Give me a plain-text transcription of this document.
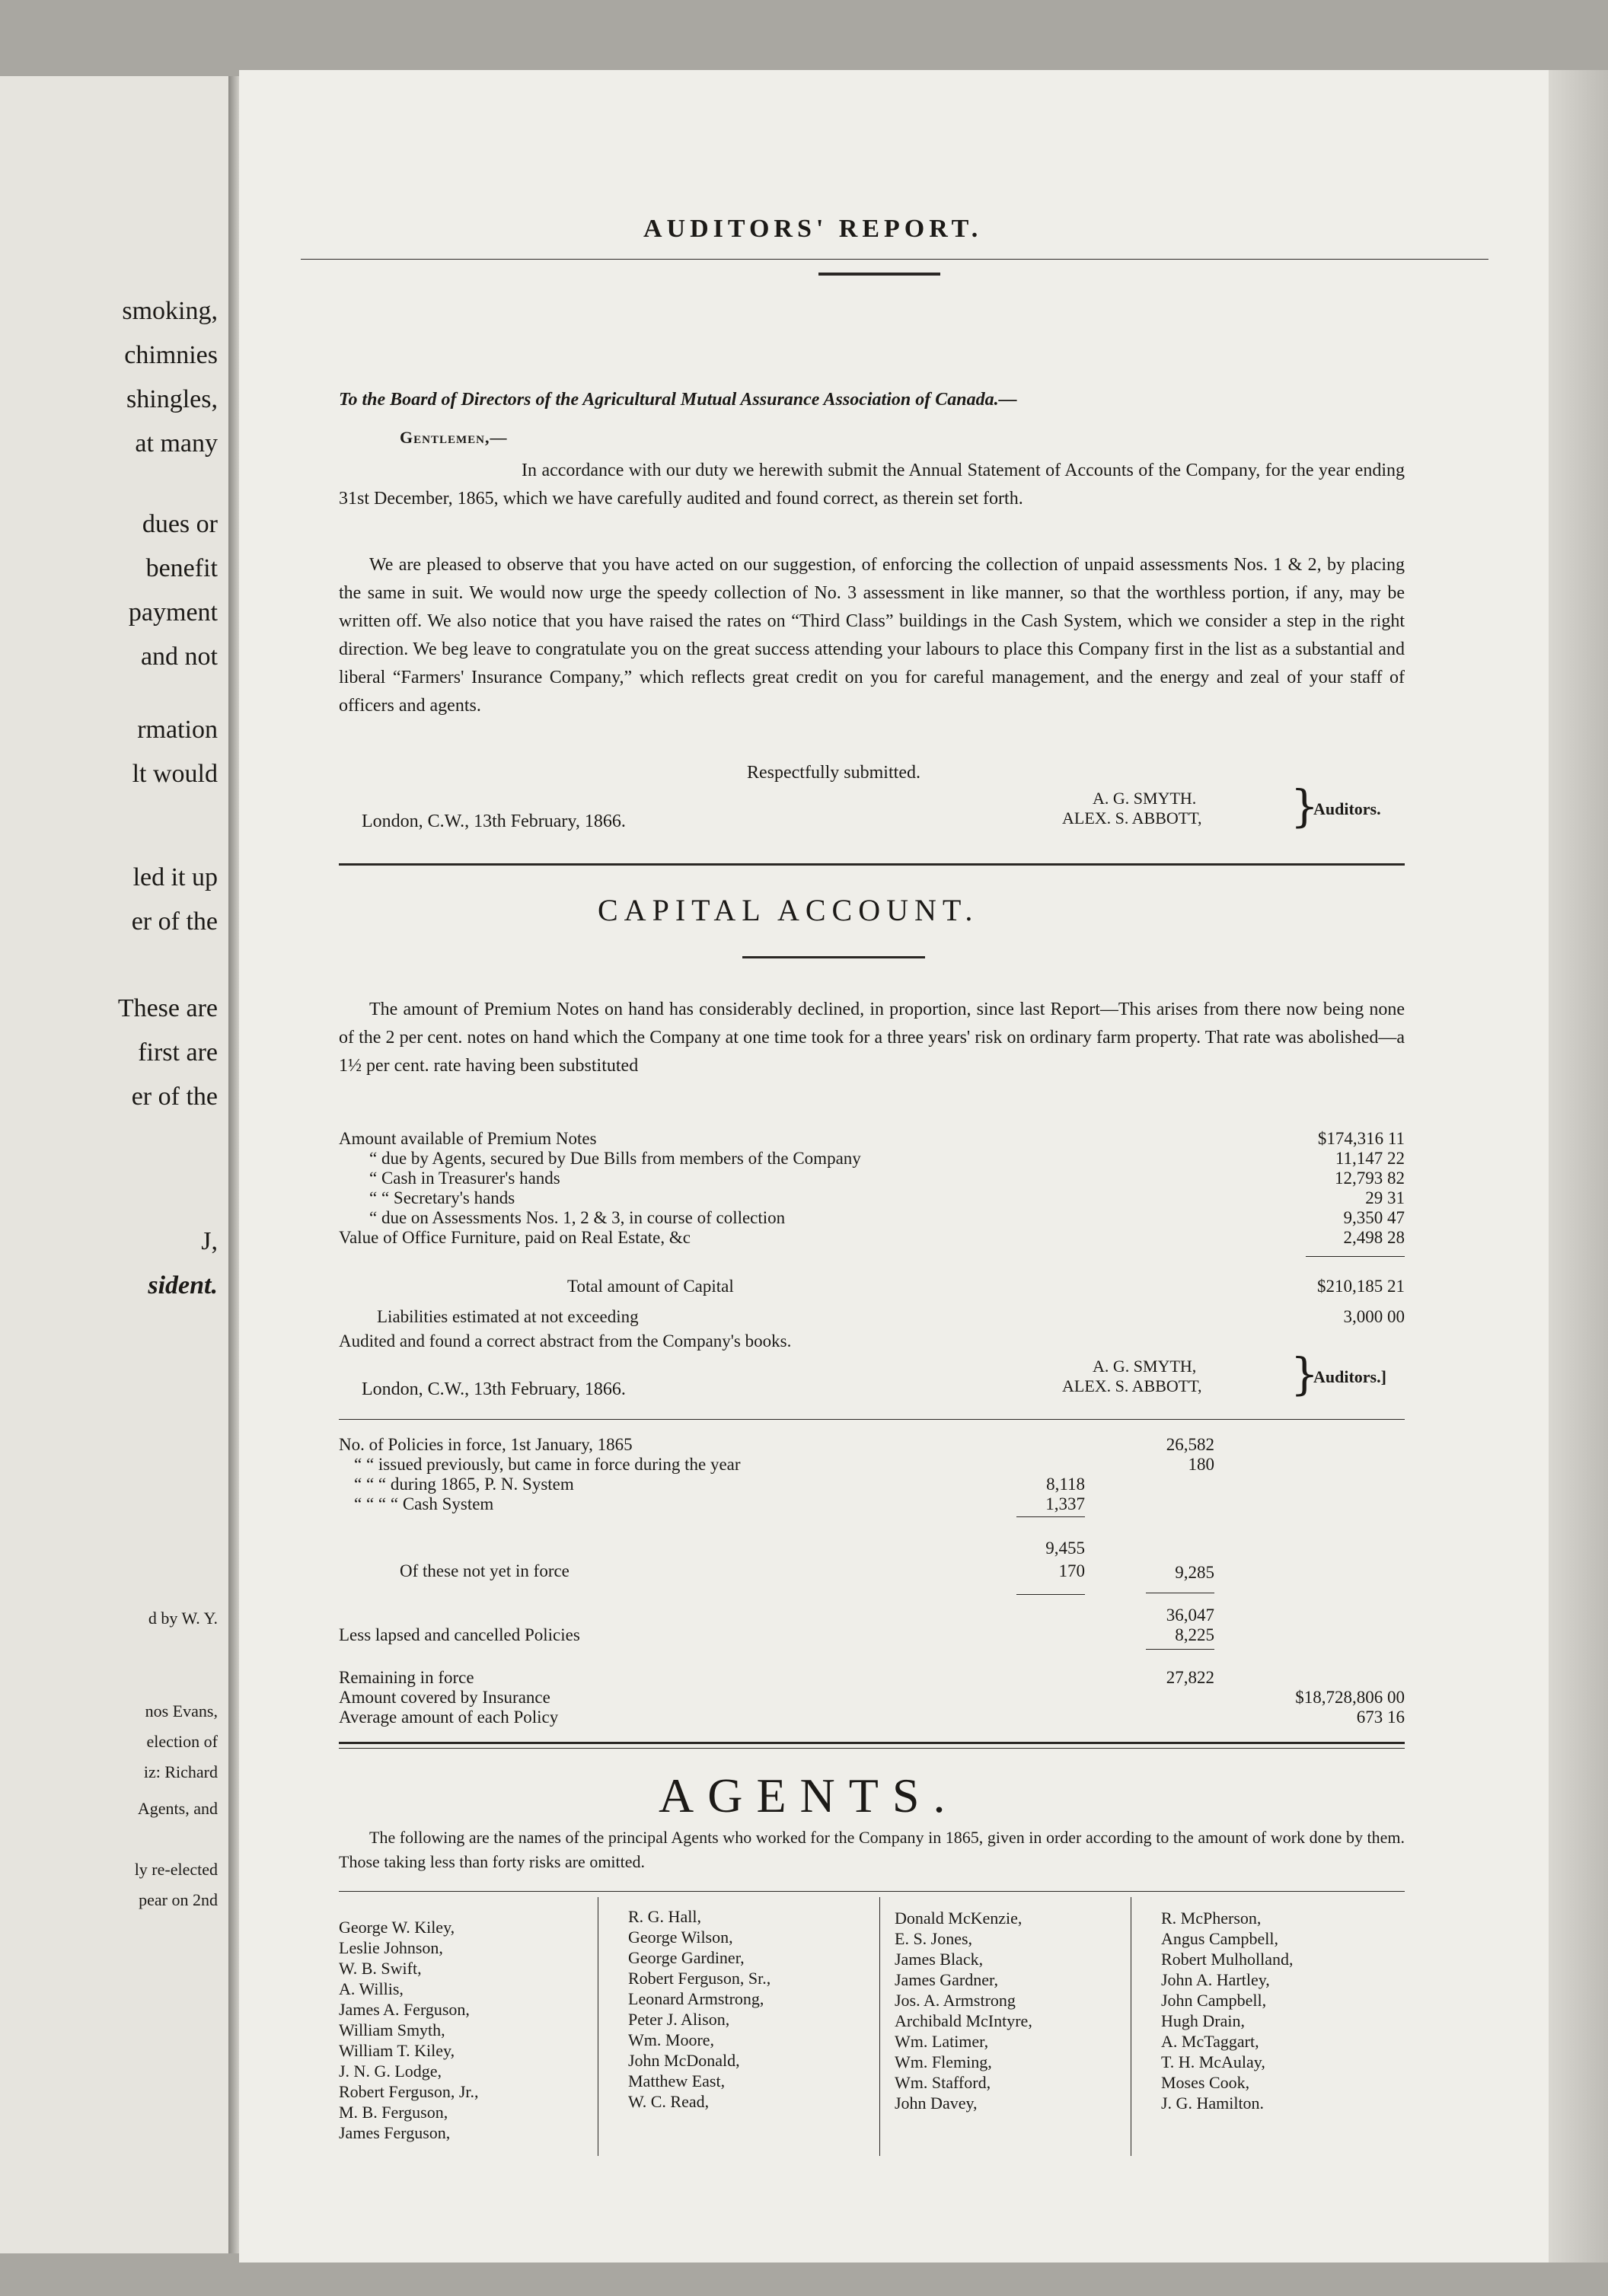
smoking,
chimnies
shingles,
at many
dues or
benefit
payment
and not
rmation
lt would
led it up
er of the
These are
first are
er of the
J,
sident.
d by W. Y.
nos Evans,
election of
iz: Richard
Agents, and
ly re-elected
pear on 2nd
AUDITORS' REPORT.
To the Board of Directors of the Agricultural Mutual Assurance Association of Canada.—
Gentlemen,—
In accordance with our duty we herewith submit the Annual Statement of Accounts of the Company, for the year ending 31st December, 1865, which we have carefully audited and found correct, as therein set forth.
We are pleased to observe that you have acted on our suggestion, of enforcing the collection of unpaid assessments Nos. 1 & 2, by placing the same in suit. We would now urge the speedy collection of No. 3 assessment in like manner, so that the worthless portion, if any, may be written off. We also notice that you have raised the rates on “Third Class” buildings in the Cash System, which we consider a step in the right direction. We beg leave to congratulate you on the great success attending your labours to place this Company first in the list as a substantial and liberal “Farmers' Insurance Company,” which reflects great credit on you for careful management, and the energy and zeal of your staff of officers and agents.
Respectfully submitted.
London, C.W., 13th February, 1866.
A. G. SMYTH.
ALEX. S. ABBOTT, }
Auditors.
CAPITAL ACCOUNT.
The amount of Premium Notes on hand has considerably declined, in proportion, since last Report—This arises from there now being none of the 2 per cent. notes on hand which the Company at one time took for a three years' risk on ordinary farm property. That rate was abolished—a 1½ per cent. rate having been substituted
Amount available of Premium Notes	$174,316 11
“ due by Agents, secured by Due Bills from members of the Company	11,147 22
“ Cash in Treasurer's hands	12,793 82
“ “ Secretary's hands	29 31
“ due on Assessments Nos. 1, 2 & 3, in course of collection	9,350 47
Value of Office Furniture, paid on Real Estate, &c	2,498 28
Total amount of Capital	$210,185 21
Liabilities estimated at not exceeding	3,000 00
Audited and found a correct abstract from the Company's books.
London, C.W., 13th February, 1866.
A. G. SMYTH,
ALEX. S. ABBOTT, }
Auditors.]
No. of Policies in force, 1st January, 1865	26,582
“ “ issued previously, but came in force during the year	180
“ “ “ during 1865, P. N. System	8,118
“ “ “ “ Cash System	1,337
9,455
Of these not yet in force	170	9,285
36,047
Less lapsed and cancelled Policies	8,225
Remaining in force	27,822
Amount covered by Insurance	$18,728,806 00
Average amount of each Policy	673 16
AGENTS.
The following are the names of the principal Agents who worked for the Company in 1865, given in order according to the amount of work done by them. Those taking less than forty risks are omitted.
George W. Kiley,
Leslie Johnson,
W. B. Swift,
A. Willis,
James A. Ferguson,
William Smyth,
William T. Kiley,
J. N. G. Lodge,
Robert Ferguson, Jr.,
M. B. Ferguson,
James Ferguson,
R. G. Hall,
George Wilson,
George Gardiner,
Robert Ferguson, Sr.,
Leonard Armstrong,
Peter J. Alison,
Wm. Moore,
John McDonald,
Matthew East,
W. C. Read,
Donald McKenzie,
E. S. Jones,
James Black,
James Gardner,
Jos. A. Armstrong
Archibald McIntyre,
Wm. Latimer,
Wm. Fleming,
Wm. Stafford,
John Davey,
R. McPherson,
Angus Campbell,
Robert Mulholland,
John A. Hartley,
John Campbell,
Hugh Drain,
A. McTaggart,
T. H. McAulay,
Moses Cook,
J. G. Hamilton.
